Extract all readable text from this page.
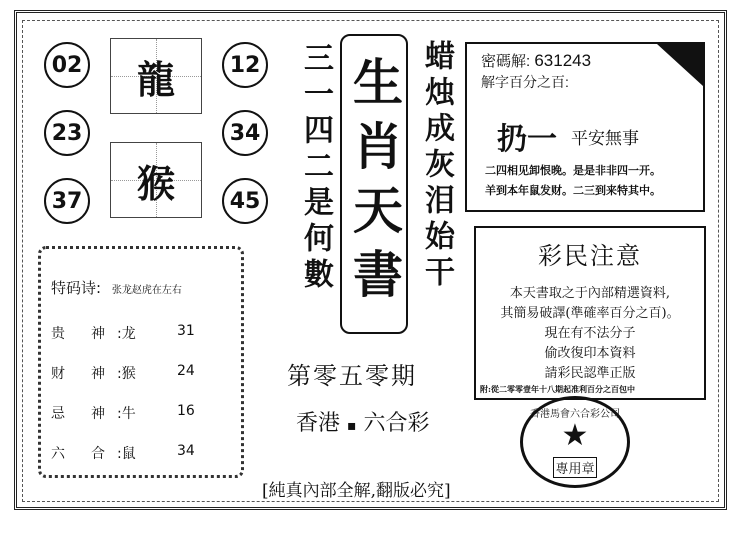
02
23
37
12
34
45
龍
猴	三一四二是何數 生肖天書 蜡烛成灰泪始干 密碼解: 631243
解字百分之百:
扔一 平安無事
二四相见卸恨晚。是是非非四一开。
羊到本年鼠发财。二三到来特其中。
彩民注意
本天書取之于內部精選資料,
其簡易破譯(準確率百分之百)。
現在有不法分子
偷改復印本資料
請彩民認準正版
附:從二零零壹年十八期起准利百分之百包中
第零五零期
香港 ▪ 六合彩
[純真內部全解,翻版必究]
香港馬會六合彩公司
★
專用章
特码诗: 张龙赵虎在左右
贵 神 :龙	31
财 神 :猴	24
忌 神 :牛	16
六 合 :鼠	34
